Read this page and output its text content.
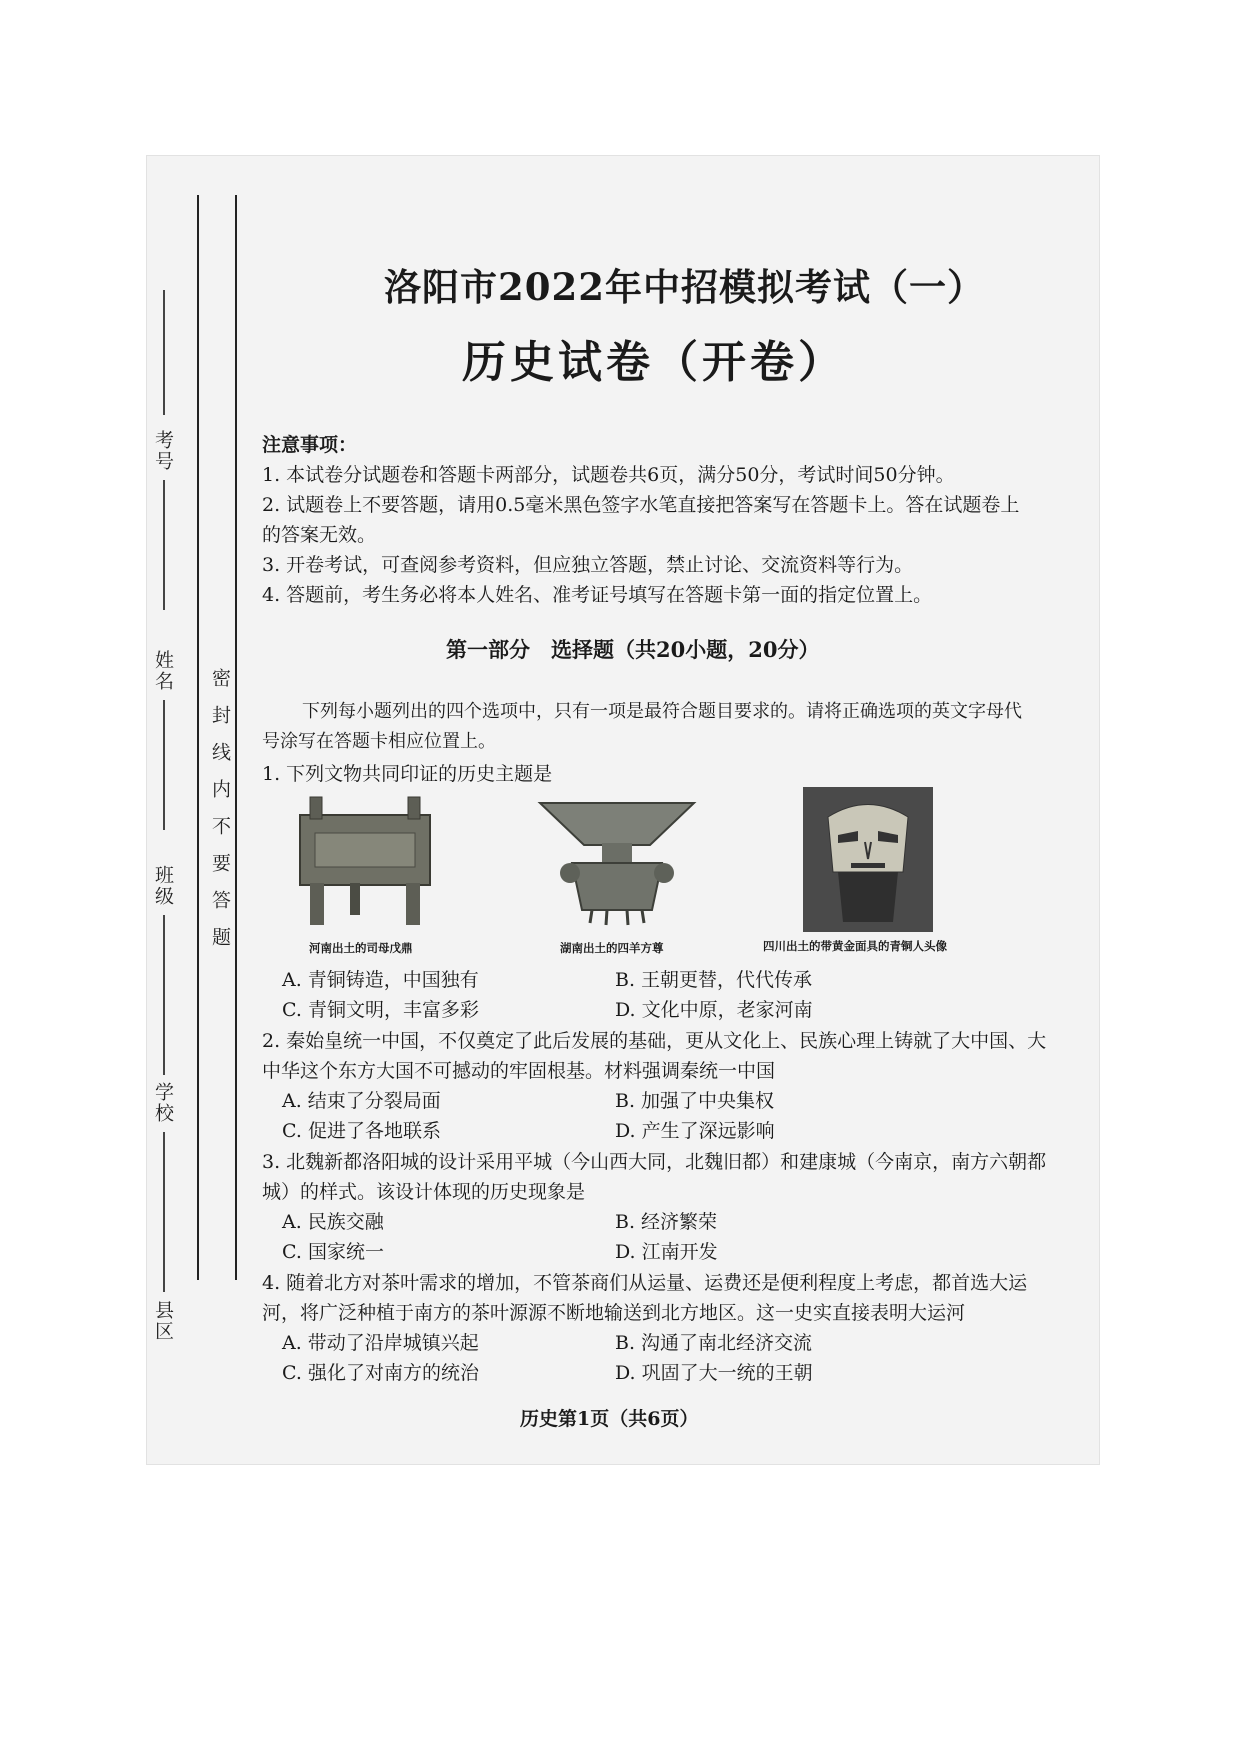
考号
姓名
班级
学校
县区
密封线内不要答题
洛阳市2022年中招模拟考试（一）
历史试卷（开卷）
注意事项：
1. 本试卷分试题卷和答题卡两部分，试题卷共6页，满分50分，考试时间50分钟。
2. 试题卷上不要答题，请用0.5毫米黑色签字水笔直接把答案写在答题卡上。答在试题卷上的答案无效。
3. 开卷考试，可查阅参考资料，但应独立答题，禁止讨论、交流资料等行为。
4. 答题前，考生务必将本人姓名、准考证号填写在答题卡第一面的指定位置上。
第一部分　选择题（共20小题，20分）
下列每小题列出的四个选项中，只有一项是最符合题目要求的。请将正确选项的英文字母代号涂写在答题卡相应位置上。
1. 下列文物共同印证的历史主题是
河南出土的司母戊鼎	湖南出土的四羊方尊	四川出土的带黄金面具的青铜人头像
A. 青铜铸造，中国独有	B. 王朝更替，代代传承
C. 青铜文明，丰富多彩	D. 文化中原，老家河南
2. 秦始皇统一中国，不仅奠定了此后发展的基础，更从文化上、民族心理上铸就了大中国、大中华这个东方大国不可撼动的牢固根基。材料强调秦统一中国
A. 结束了分裂局面	B. 加强了中央集权
C. 促进了各地联系	D. 产生了深远影响
3. 北魏新都洛阳城的设计采用平城（今山西大同，北魏旧都）和建康城（今南京，南方六朝都城）的样式。该设计体现的历史现象是
A. 民族交融	B. 经济繁荣
C. 国家统一	D. 江南开发
4. 随着北方对茶叶需求的增加，不管茶商们从运量、运费还是便利程度上考虑，都首选大运河，将广泛种植于南方的茶叶源源不断地输送到北方地区。这一史实直接表明大运河
A. 带动了沿岸城镇兴起	B. 沟通了南北经济交流
C. 强化了对南方的统治	D. 巩固了大一统的王朝
历史第1页（共6页）
